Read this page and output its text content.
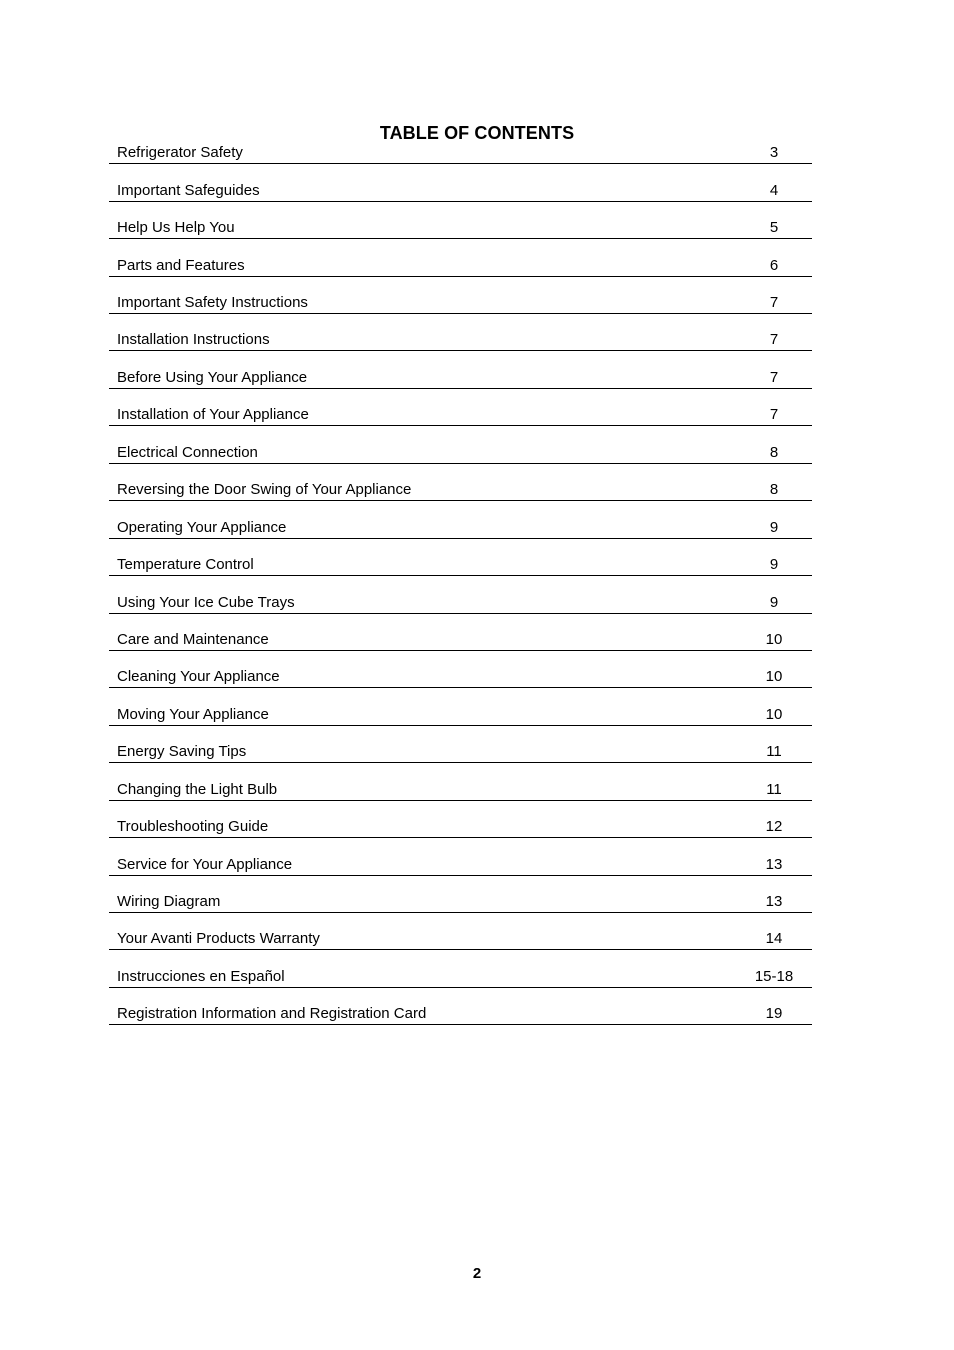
TABLE OF CONTENTS
Refrigerator Safety	3
Important Safeguides	4
Help Us Help You	5
Parts and Features	6
Important Safety Instructions	7
Installation Instructions	7
Before Using Your Appliance	7
Installation of Your Appliance	7
Electrical Connection	8
Reversing the Door Swing of Your Appliance	8
Operating Your Appliance	9
Temperature Control	9
Using Your Ice Cube Trays	9
Care and Maintenance	10
Cleaning Your Appliance	10
Moving Your Appliance	10
Energy Saving Tips	11
Changing the Light Bulb	11
Troubleshooting Guide	12
Service for Your Appliance	13
Wiring Diagram	13
Your Avanti Products Warranty	14
Instrucciones en Español	15-18
Registration Information and Registration Card	19
2
